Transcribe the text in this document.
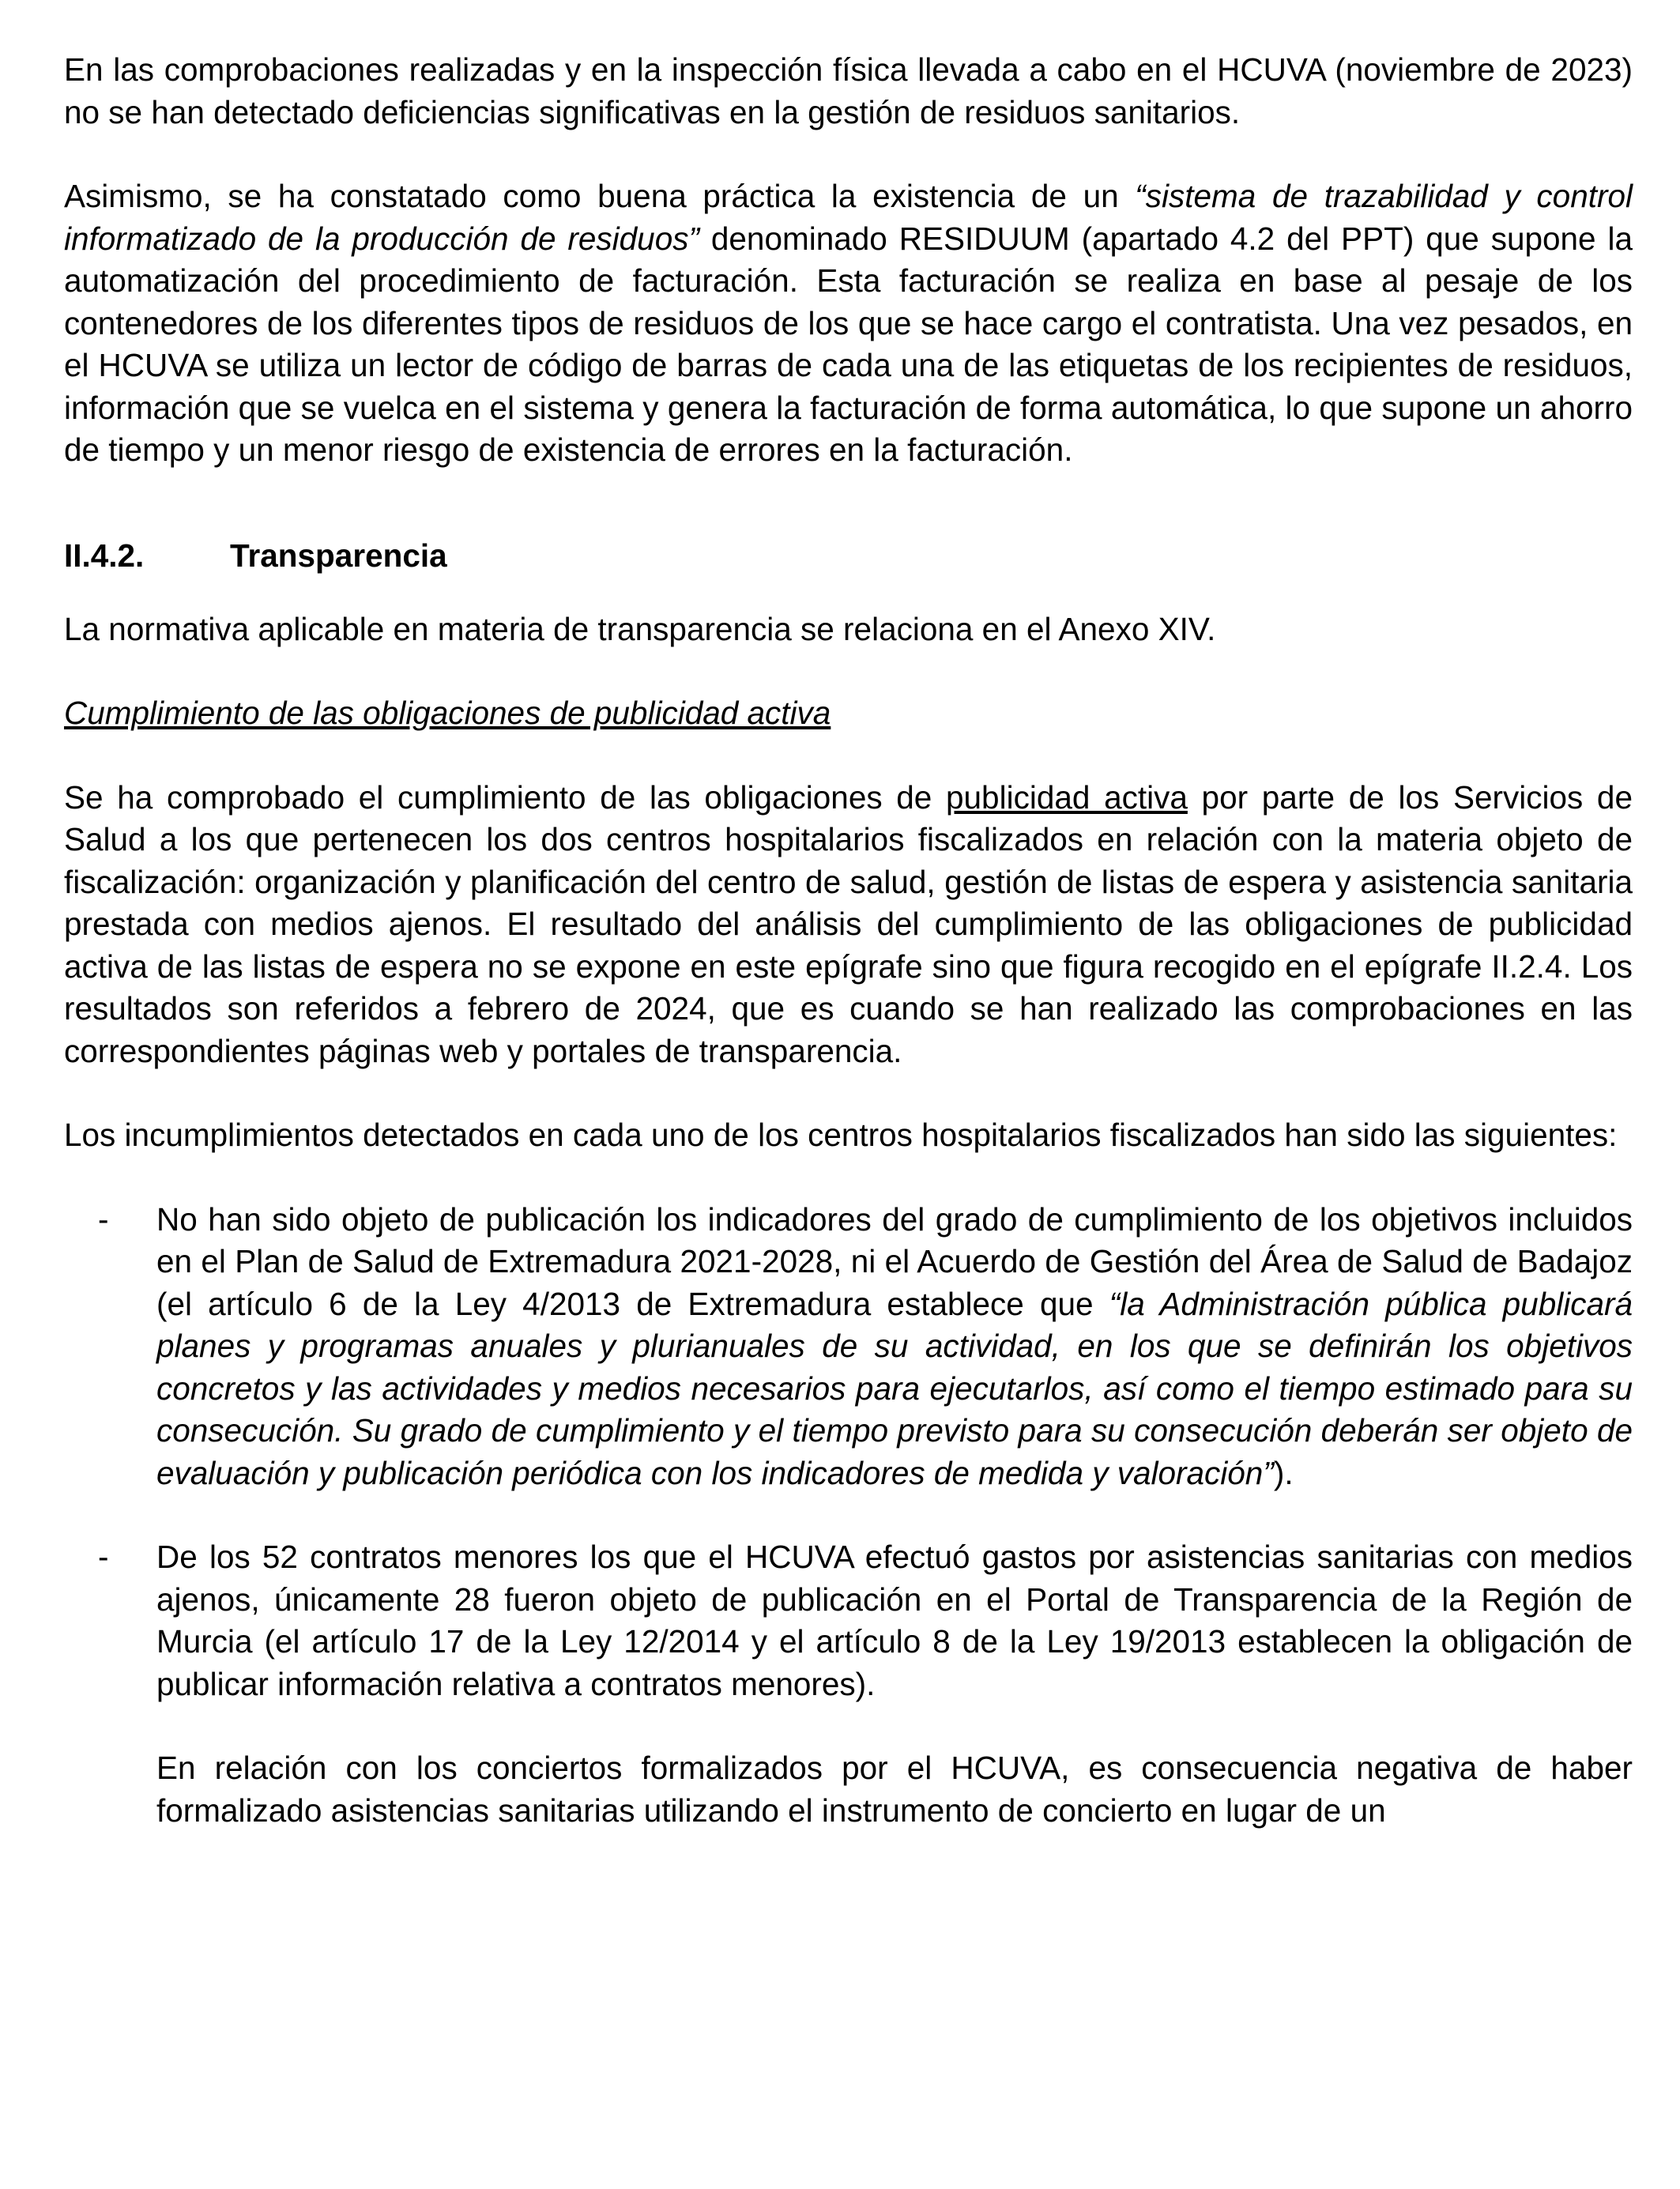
En las comprobaciones realizadas y en la inspección física llevada a cabo en el HCUVA (noviembre de 2023) no se han detectado deficiencias significativas en la gestión de residuos sanitarios.

Asimismo, se ha constatado como buena práctica la existencia de un “sistema de trazabilidad y control informatizado de la producción de residuos” denominado RESIDUUM (apartado 4.2 del PPT) que supone la automatización del procedimiento de facturación. Esta facturación se realiza en base al pesaje de los contenedores de los diferentes tipos de residuos de los que se hace cargo el contratista. Una vez pesados, en el HCUVA se utiliza un lector de código de barras de cada una de las etiquetas de los recipientes de residuos, información que se vuelca en el sistema y genera la facturación de forma automática, lo que supone un ahorro de tiempo y un menor riesgo de existencia de errores en la facturación.

II.4.2.	Transparencia

La normativa aplicable en materia de transparencia se relaciona en el Anexo XIV.

Cumplimiento de las obligaciones de publicidad activa

Se ha comprobado el cumplimiento de las obligaciones de publicidad activa por parte de los Servicios de Salud a los que pertenecen los dos centros hospitalarios fiscalizados en relación con la materia objeto de fiscalización: organización y planificación del centro de salud, gestión de listas de espera y asistencia sanitaria prestada con medios ajenos. El resultado del análisis del cumplimiento de las obligaciones de publicidad activa de las listas de espera no se expone en este epígrafe sino que figura recogido en el epígrafe II.2.4. Los resultados son referidos a febrero de 2024, que es cuando se han realizado las comprobaciones en las correspondientes páginas web y portales de transparencia.

Los incumplimientos detectados en cada uno de los centros hospitalarios fiscalizados han sido las siguientes:

-	No han sido objeto de publicación los indicadores del grado de cumplimiento de los objetivos incluidos en el Plan de Salud de Extremadura 2021-2028, ni el Acuerdo de Gestión del Área de Salud de Badajoz (el artículo 6 de la Ley 4/2013 de Extremadura establece que “la Administración pública publicará planes y programas anuales y plurianuales de su actividad, en los que se definirán los objetivos concretos y las actividades y medios necesarios para ejecutarlos, así como el tiempo estimado para su consecución. Su grado de cumplimiento y el tiempo previsto para su consecución deberán ser objeto de evaluación y publicación periódica con los indicadores de medida y valoración”).

-	De los 52 contratos menores los que el HCUVA efectuó gastos por asistencias sanitarias con medios ajenos, únicamente 28 fueron objeto de publicación en el Portal de Transparencia de la Región de Murcia (el artículo 17 de la Ley 12/2014 y el artículo 8 de la Ley 19/2013 establecen la obligación de publicar información relativa a contratos menores).

En relación con los conciertos formalizados por el HCUVA, es consecuencia negativa de haber formalizado asistencias sanitarias utilizando el instrumento de concierto en lugar de un
